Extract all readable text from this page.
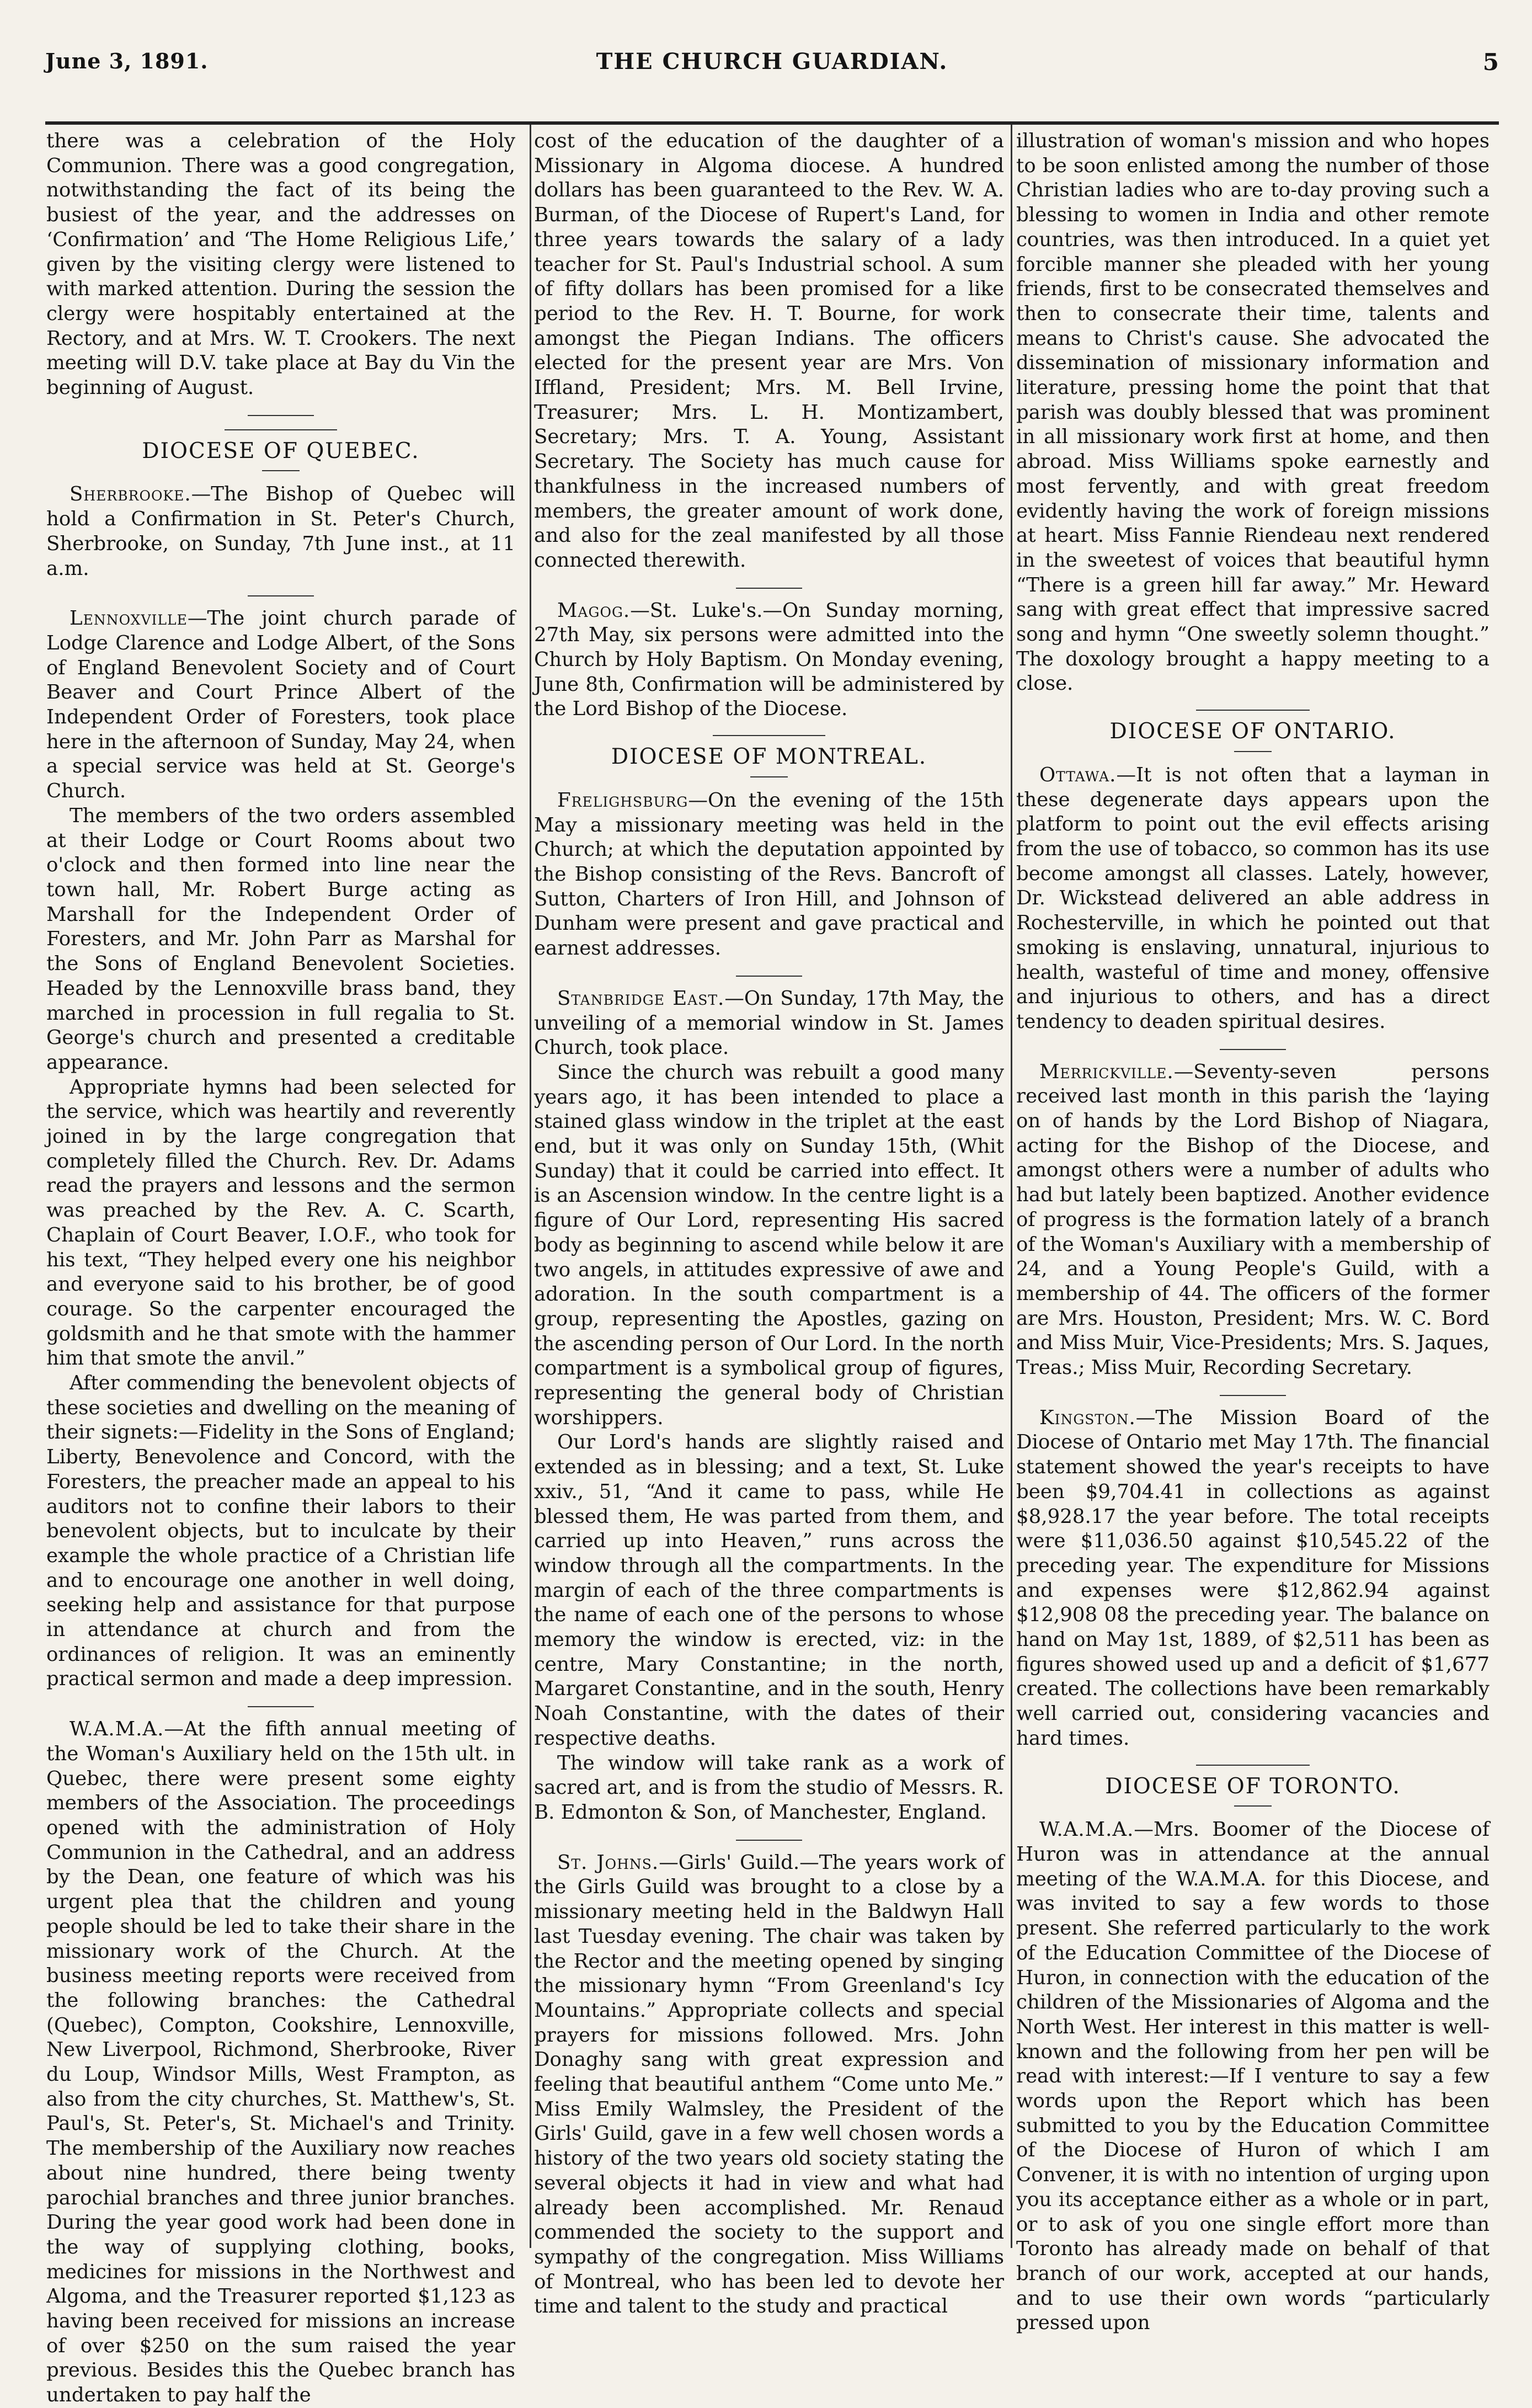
June 3, 1891.	THE CHURCH GUARDIAN.	5

there was a celebration of the Holy Communion. There was a good congregation, notwithstanding the fact of its being the busiest of the year, and the addresses on ‘Confirmation’ and ‘The Home Religious Life,’ given by the visiting clergy were listened to with marked attention. During the session the clergy were hospitably entertained at the Rectory, and at Mrs. W. T. Crookers. The next meeting will D.V. take place at Bay du Vin the beginning of August.

DIOCESE OF QUEBEC.

Sherbrooke.—The Bishop of Quebec will hold a Confirmation in St. Peter's Church, Sherbrooke, on Sunday, 7th June inst., at 11 a.m.

Lennoxville—The joint church parade of Lodge Clarence and Lodge Albert, of the Sons of England Benevolent Society and of Court Beaver and Court Prince Albert of the Independent Order of Foresters, took place here in the afternoon of Sunday, May 24, when a special service was held at St. George's Church.

The members of the two orders assembled at their Lodge or Court Rooms about two o'clock and then formed into line near the town hall, Mr. Robert Burge acting as Marshall for the Independent Order of Foresters, and Mr. John Parr as Marshal for the Sons of England Benevolent Societies. Headed by the Lennoxville brass band, they marched in procession in full regalia to St. George's church and presented a creditable appearance.

Appropriate hymns had been selected for the service, which was heartily and reverently joined in by the large congregation that completely filled the Church. Rev. Dr. Adams read the prayers and lessons and the sermon was preached by the Rev. A. C. Scarth, Chaplain of Court Beaver, I.O.F., who took for his text, “They helped every one his neighbor and everyone said to his brother, be of good courage. So the carpenter encouraged the goldsmith and he that smote with the hammer him that smote the anvil.”

After commending the benevolent objects of these societies and dwelling on the meaning of their signets:—Fidelity in the Sons of England; Liberty, Benevolence and Concord, with the Foresters, the preacher made an appeal to his auditors not to confine their labors to their benevolent objects, but to inculcate by their example the whole practice of a Christian life and to encourage one another in well doing, seeking help and assistance for that purpose in attendance at church and from the ordinances of religion. It was an eminently practical sermon and made a deep impression.

W.A.M.A.—At the fifth annual meeting of the Woman's Auxiliary held on the 15th ult. in Quebec, there were present some eighty members of the Association. The proceedings opened with the administration of Holy Communion in the Cathedral, and an address by the Dean, one feature of which was his urgent plea that the children and young people should be led to take their share in the missionary work of the Church. At the business meeting reports were received from the following branches: the Cathedral (Quebec), Compton, Cookshire, Lennoxville, New Liverpool, Richmond, Sherbrooke, River du Loup, Windsor Mills, West Frampton, as also from the city churches, St. Matthew's, St. Paul's, St. Peter's, St. Michael's and Trinity. The membership of the Auxiliary now reaches about nine hundred, there being twenty parochial branches and three junior branches. During the year good work had been done in the way of supplying clothing, books, medicines for missions in the Northwest and Algoma, and the Treasurer reported $1,123 as having been received for missions an increase of over $250 on the sum raised the year previous. Besides this the Quebec branch has undertaken to pay half the

cost of the education of the daughter of a Missionary in Algoma diocese. A hundred dollars has been guaranteed to the Rev. W. A. Burman, of the Diocese of Rupert's Land, for three years towards the salary of a lady teacher for St. Paul's Industrial school. A sum of fifty dollars has been promised for a like period to the Rev. H. T. Bourne, for work amongst the Piegan Indians. The officers elected for the present year are Mrs. Von Iffland, President; Mrs. M. Bell Irvine, Treasurer; Mrs. L. H. Montizambert, Secretary; Mrs. T. A. Young, Assistant Secretary. The Society has much cause for thankfulness in the increased numbers of members, the greater amount of work done, and also for the zeal manifested by all those connected therewith.

Magog.—St. Luke's.—On Sunday morning, 27th May, six persons were admitted into the Church by Holy Baptism. On Monday evening, June 8th, Confirmation will be administered by the Lord Bishop of the Diocese.

DIOCESE OF MONTREAL.

Frelighsburg—On the evening of the 15th May a missionary meeting was held in the Church; at which the deputation appointed by the Bishop consisting of the Revs. Bancroft of Sutton, Charters of Iron Hill, and Johnson of Dunham were present and gave practical and earnest addresses.

Stanbridge East.—On Sunday, 17th May, the unveiling of a memorial window in St. James Church, took place.

Since the church was rebuilt a good many years ago, it has been intended to place a stained glass window in the triplet at the east end, but it was only on Sunday 15th, (Whit Sunday) that it could be carried into effect. It is an Ascension window. In the centre light is a figure of Our Lord, representing His sacred body as beginning to ascend while below it are two angels, in attitudes expressive of awe and adoration. In the south compartment is a group, representing the Apostles, gazing on the ascending person of Our Lord. In the north compartment is a symbolical group of figures, representing the general body of Christian worshippers.

Our Lord's hands are slightly raised and extended as in blessing; and a text, St. Luke xxiv., 51, “And it came to pass, while He blessed them, He was parted from them, and carried up into Heaven,” runs across the window through all the compartments. In the margin of each of the three compartments is the name of each one of the persons to whose memory the window is erected, viz: in the centre, Mary Constantine; in the north, Margaret Constantine, and in the south, Henry Noah Constantine, with the dates of their respective deaths.

The window will take rank as a work of sacred art, and is from the studio of Messrs. R. B. Edmonton & Son, of Manchester, England.

St. Johns.—Girls' Guild.—The years work of the Girls Guild was brought to a close by a missionary meeting held in the Baldwyn Hall last Tuesday evening. The chair was taken by the Rector and the meeting opened by singing the missionary hymn “From Greenland's Icy Mountains.” Appropriate collects and special prayers for missions followed. Mrs. John Donaghy sang with great expression and feeling that beautiful anthem “Come unto Me.” Miss Emily Walmsley, the President of the Girls' Guild, gave in a few well chosen words a history of the two years old society stating the several objects it had in view and what had already been accomplished. Mr. Renaud commended the society to the support and sympathy of the congregation. Miss Williams of Montreal, who has been led to devote her time and talent to the study and practical

illustration of woman's mission and who hopes to be soon enlisted among the number of those Christian ladies who are to-day proving such a blessing to women in India and other remote countries, was then introduced. In a quiet yet forcible manner she pleaded with her young friends, first to be consecrated themselves and then to consecrate their time, talents and means to Christ's cause. She advocated the dissemination of missionary information and literature, pressing home the point that that parish was doubly blessed that was prominent in all missionary work first at home, and then abroad. Miss Williams spoke earnestly and most fervently, and with great freedom evidently having the work of foreign missions at heart. Miss Fannie Riendeau next rendered in the sweetest of voices that beautiful hymn “There is a green hill far away.” Mr. Heward sang with great effect that impressive sacred song and hymn “One sweetly solemn thought.” The doxology brought a happy meeting to a close.

DIOCESE OF ONTARIO.

Ottawa.—It is not often that a layman in these degenerate days appears upon the platform to point out the evil effects arising from the use of tobacco, so common has its use become amongst all classes. Lately, however, Dr. Wickstead delivered an able address in Rochesterville, in which he pointed out that smoking is enslaving, unnatural, injurious to health, wasteful of time and money, offensive and injurious to others, and has a direct tendency to deaden spiritual desires.

Merrickville.—Seventy-seven persons received last month in this parish the ‘laying on of hands by the Lord Bishop of Niagara, acting for the Bishop of the Diocese, and amongst others were a number of adults who had but lately been baptized. Another evidence of progress is the formation lately of a branch of the Woman's Auxiliary with a membership of 24, and a Young People's Guild, with a membership of 44. The officers of the former are Mrs. Houston, President; Mrs. W. C. Bord and Miss Muir, Vice-Presidents; Mrs. S. Jaques, Treas.; Miss Muir, Recording Secretary.

Kingston.—The Mission Board of the Diocese of Ontario met May 17th. The financial statement showed the year's receipts to have been $9,704.41 in collections as against $8,928.17 the year before. The total receipts were $11,036.50 against $10,545.22 of the preceding year. The expenditure for Missions and expenses were $12,862.94 against $12,908 08 the preceding year. The balance on hand on May 1st, 1889, of $2,511 has been as figures showed used up and a deficit of $1,677 created. The collections have been remarkably well carried out, considering vacancies and hard times.

DIOCESE OF TORONTO.

W.A.M.A.—Mrs. Boomer of the Diocese of Huron was in attendance at the annual meeting of the W.A.M.A. for this Diocese, and was invited to say a few words to those present. She referred particularly to the work of the Education Committee of the Diocese of Huron, in connection with the education of the children of the Missionaries of Algoma and the North West. Her interest in this matter is well-known and the following from her pen will be read with interest:—If I venture to say a few words upon the Report which has been submitted to you by the Education Committee of the Diocese of Huron of which I am Convener, it is with no intention of urging upon you its acceptance either as a whole or in part, or to ask of you one single effort more than Toronto has already made on behalf of that branch of our work, accepted at our hands, and to use their own words “particularly pressed upon
